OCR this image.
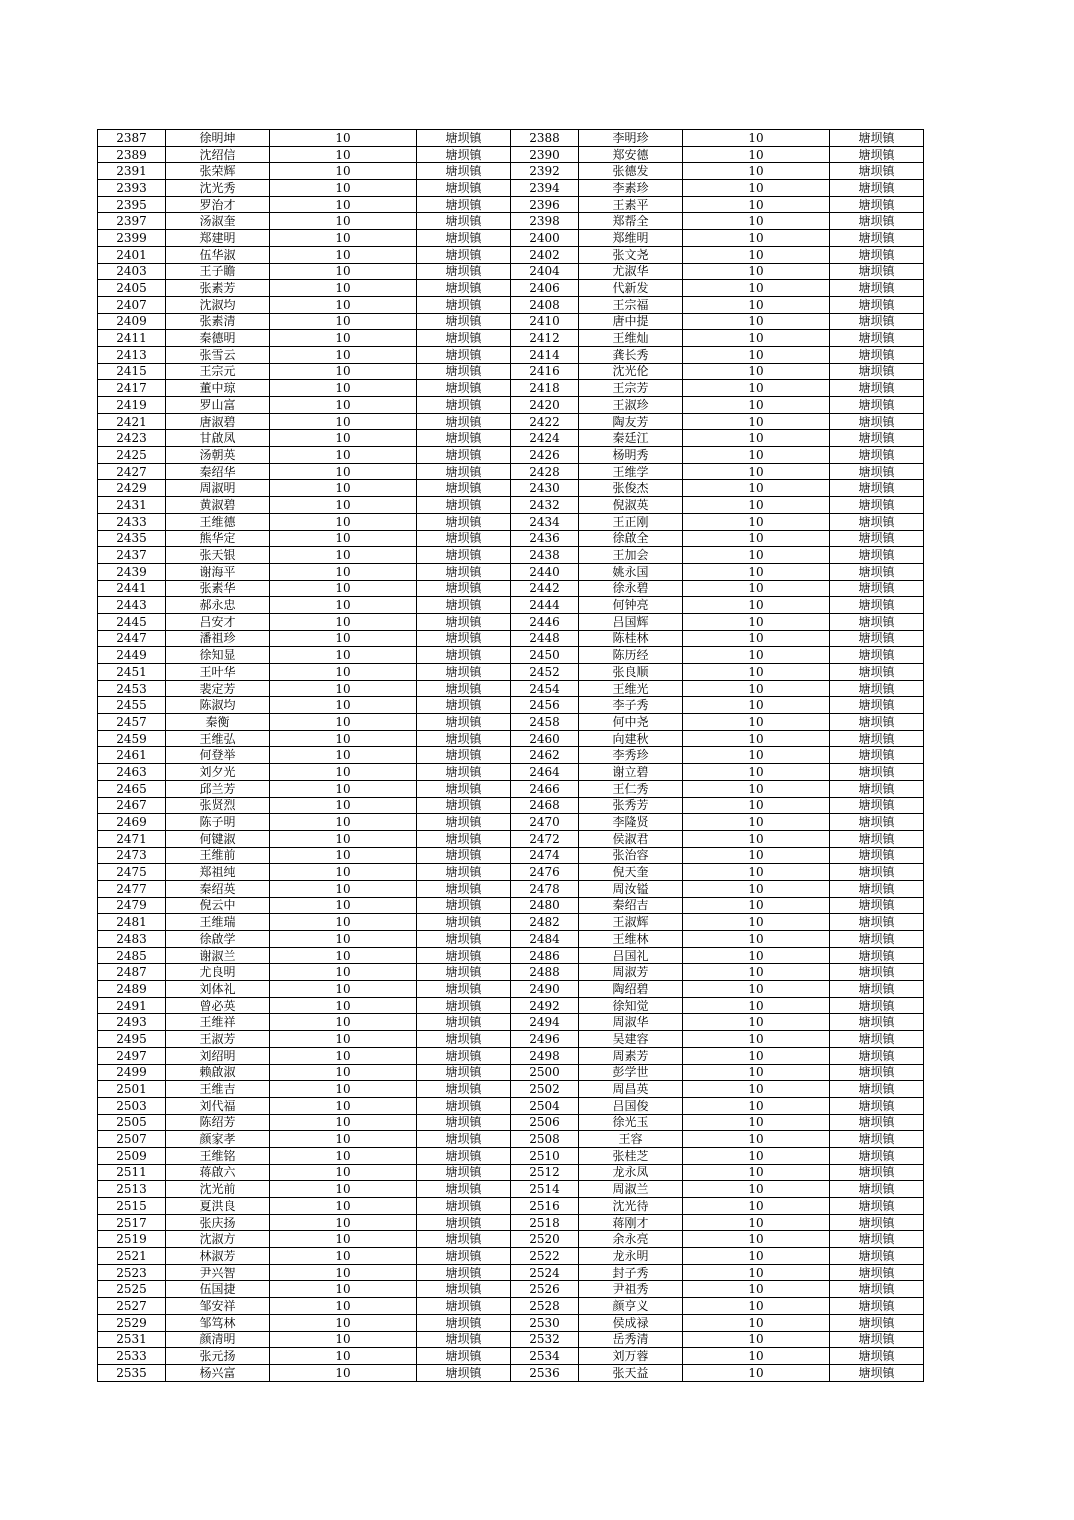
2387	徐明坤	10	塘坝镇	2388	李明珍	10	塘坝镇
2389	沈绍信	10	塘坝镇	2390	郑安德	10	塘坝镇
2391	张荣辉	10	塘坝镇	2392	张德发	10	塘坝镇
2393	沈光秀	10	塘坝镇	2394	李素珍	10	塘坝镇
2395	罗治才	10	塘坝镇	2396	王素平	10	塘坝镇
2397	汤淑奎	10	塘坝镇	2398	郑帮全	10	塘坝镇
2399	郑建明	10	塘坝镇	2400	郑维明	10	塘坝镇
2401	伍华淑	10	塘坝镇	2402	张文尧	10	塘坝镇
2403	王子瞻	10	塘坝镇	2404	尤淑华	10	塘坝镇
2405	张素芳	10	塘坝镇	2406	代新发	10	塘坝镇
2407	沈淑均	10	塘坝镇	2408	王宗福	10	塘坝镇
2409	张素清	10	塘坝镇	2410	唐中提	10	塘坝镇
2411	秦德明	10	塘坝镇	2412	王维灿	10	塘坝镇
2413	张雪云	10	塘坝镇	2414	龚长秀	10	塘坝镇
2415	王宗元	10	塘坝镇	2416	沈光伦	10	塘坝镇
2417	董中琼	10	塘坝镇	2418	王宗芳	10	塘坝镇
2419	罗山富	10	塘坝镇	2420	王淑珍	10	塘坝镇
2421	唐淑碧	10	塘坝镇	2422	陶友芳	10	塘坝镇
2423	甘啟凤	10	塘坝镇	2424	秦廷江	10	塘坝镇
2425	汤朝英	10	塘坝镇	2426	杨明秀	10	塘坝镇
2427	秦绍华	10	塘坝镇	2428	王维学	10	塘坝镇
2429	周淑明	10	塘坝镇	2430	张俊杰	10	塘坝镇
2431	黄淑碧	10	塘坝镇	2432	倪淑英	10	塘坝镇
2433	王维德	10	塘坝镇	2434	王正刚	10	塘坝镇
2435	熊华定	10	塘坝镇	2436	徐啟全	10	塘坝镇
2437	张天银	10	塘坝镇	2438	王加会	10	塘坝镇
2439	谢海平	10	塘坝镇	2440	姚永国	10	塘坝镇
2441	张素华	10	塘坝镇	2442	徐永碧	10	塘坝镇
2443	郝永忠	10	塘坝镇	2444	何钟亮	10	塘坝镇
2445	吕安才	10	塘坝镇	2446	吕国辉	10	塘坝镇
2447	潘祖珍	10	塘坝镇	2448	陈桂林	10	塘坝镇
2449	徐知显	10	塘坝镇	2450	陈历经	10	塘坝镇
2451	王叶华	10	塘坝镇	2452	张良顺	10	塘坝镇
2453	裴定芳	10	塘坝镇	2454	王维光	10	塘坝镇
2455	陈淑均	10	塘坝镇	2456	李子秀	10	塘坝镇
2457	秦衡	10	塘坝镇	2458	何中尧	10	塘坝镇
2459	王维弘	10	塘坝镇	2460	向建秋	10	塘坝镇
2461	何登举	10	塘坝镇	2462	李秀珍	10	塘坝镇
2463	刘夕光	10	塘坝镇	2464	谢立碧	10	塘坝镇
2465	邱兰芳	10	塘坝镇	2466	王仁秀	10	塘坝镇
2467	张贤烈	10	塘坝镇	2468	张秀芳	10	塘坝镇
2469	陈子明	10	塘坝镇	2470	李隆贤	10	塘坝镇
2471	何键淑	10	塘坝镇	2472	侯淑君	10	塘坝镇
2473	王维前	10	塘坝镇	2474	张治容	10	塘坝镇
2475	郑祖纯	10	塘坝镇	2476	倪天奎	10	塘坝镇
2477	秦绍英	10	塘坝镇	2478	周汝镒	10	塘坝镇
2479	倪云中	10	塘坝镇	2480	秦绍吉	10	塘坝镇
2481	王维瑞	10	塘坝镇	2482	王淑辉	10	塘坝镇
2483	徐啟学	10	塘坝镇	2484	王维林	10	塘坝镇
2485	谢淑兰	10	塘坝镇	2486	吕国礼	10	塘坝镇
2487	尤良明	10	塘坝镇	2488	周淑芳	10	塘坝镇
2489	刘体礼	10	塘坝镇	2490	陶绍碧	10	塘坝镇
2491	曾必英	10	塘坝镇	2492	徐知觉	10	塘坝镇
2493	王维祥	10	塘坝镇	2494	周淑华	10	塘坝镇
2495	王淑芳	10	塘坝镇	2496	吴建容	10	塘坝镇
2497	刘绍明	10	塘坝镇	2498	周素芳	10	塘坝镇
2499	赖啟淑	10	塘坝镇	2500	彭学世	10	塘坝镇
2501	王维吉	10	塘坝镇	2502	周昌英	10	塘坝镇
2503	刘代福	10	塘坝镇	2504	吕国俊	10	塘坝镇
2505	陈绍芳	10	塘坝镇	2506	徐光玉	10	塘坝镇
2507	颜家孝	10	塘坝镇	2508	王容	10	塘坝镇
2509	王维铭	10	塘坝镇	2510	张桂芝	10	塘坝镇
2511	蒋啟六	10	塘坝镇	2512	龙永凤	10	塘坝镇
2513	沈光前	10	塘坝镇	2514	周淑兰	10	塘坝镇
2515	夏洪良	10	塘坝镇	2516	沈光待	10	塘坝镇
2517	张庆扬	10	塘坝镇	2518	蒋刚才	10	塘坝镇
2519	沈淑方	10	塘坝镇	2520	余永亮	10	塘坝镇
2521	林淑芳	10	塘坝镇	2522	龙永明	10	塘坝镇
2523	尹兴智	10	塘坝镇	2524	封子秀	10	塘坝镇
2525	伍国捷	10	塘坝镇	2526	尹祖秀	10	塘坝镇
2527	邹安祥	10	塘坝镇	2528	颜亨义	10	塘坝镇
2529	邹笃林	10	塘坝镇	2530	侯成禄	10	塘坝镇
2531	颜清明	10	塘坝镇	2532	岳秀清	10	塘坝镇
2533	张元扬	10	塘坝镇	2534	刘万蓉	10	塘坝镇
2535	杨兴富	10	塘坝镇	2536	张天益	10	塘坝镇
